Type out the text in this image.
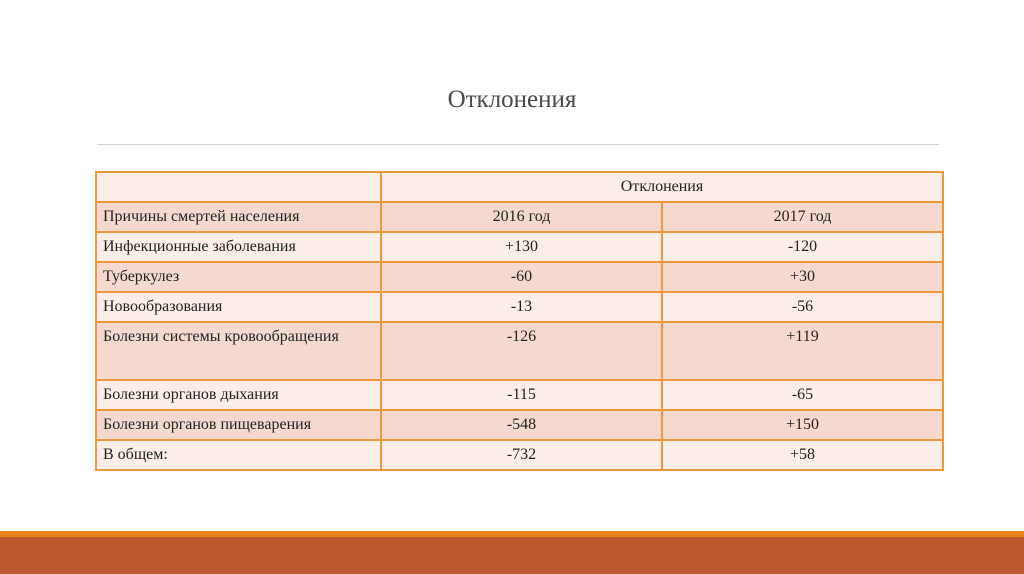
Отклонения
	Отклонения	
Причины смертей населения	2016 год	2017 год
Инфекционные заболевания	+130	-120
Туберкулез	-60	+30
Новообразования	-13	-56
Болезни системы кровообращения	-126	+119
Болезни органов дыхания	-115	-65
Болезни органов пищеварения	-548	+150
В общем:	-732	+58
